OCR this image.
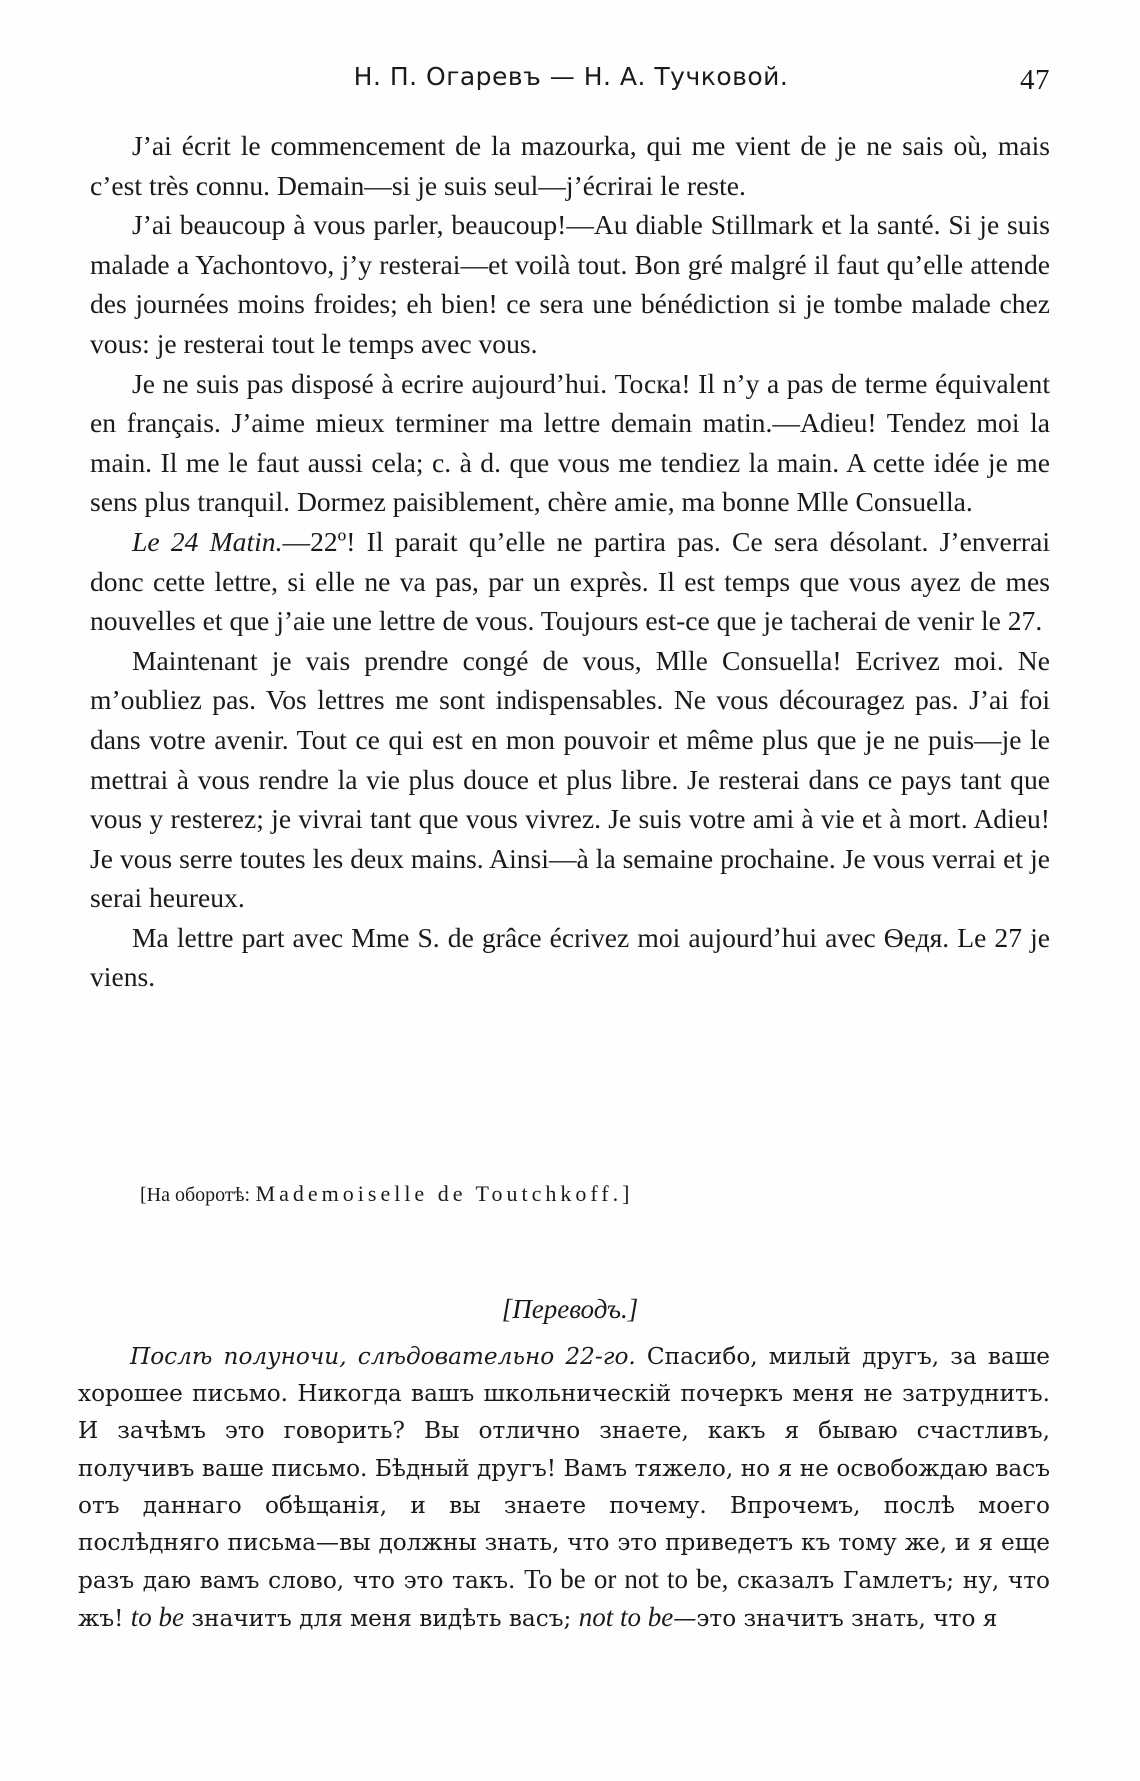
Н. П. Огаревъ — Н. А. Тучковой.	47

J’ai écrit le commencement de la mazourka, qui me vient de je ne sais où, mais c’est très connu. Demain—si je suis seul—j’écrirai le reste.

J’ai beaucoup à vous parler, beaucoup!—Au diable Stillmark et la santé. Si je suis malade a Yachontovo, j’y resterai—et voilà tout. Bon gré malgré il faut qu’elle attende des journées moins froides; eh bien! ce sera une bénédiction si je tombe malade chez vous: je resterai tout le temps avec vous.

Je ne suis pas disposé à ecrire aujourd’hui. Тоска! Il n’y a pas de terme équivalent en français. J’aime mieux terminer ma lettre demain matin.—Adieu! Tendez moi la main. Il me le faut aussi cela; c. à d. que vous me tendiez la main. A cette idée je me sens plus tranquil. Dormez paisiblement, chère amie, ma bonne Mlle Consuella.

Le 24 Matin.—22º! Il parait qu’elle ne partira pas. Ce sera désolant. J’enverrai donc cette lettre, si elle ne va pas, par un exprès. Il est temps que vous ayez de mes nouvelles et que j’aie une lettre de vous. Toujours est-ce que je tacherai de venir le 27.

Maintenant je vais prendre congé de vous, Mlle Consuella! Ecrivez moi. Ne m’oubliez pas. Vos lettres me sont indispensables. Ne vous découragez pas. J’ai foi dans votre avenir. Tout ce qui est en mon pouvoir et même plus que je ne puis—je le mettrai à vous rendre la vie plus douce et plus libre. Je resterai dans ce pays tant que vous y resterez; je vivrai tant que vous vivrez. Je suis votre ami à vie et à mort. Adieu! Je vous serre toutes les deux mains. Ainsi—à la semaine prochaine. Je vous verrai et je serai heureux.

Ma lettre part avec Mme S. de grâce écrivez moi aujourd’hui avec Ѳедя. Le 27 je viens.

[На оборотѣ: Mademoiselle de Toutchkoff.]
[Переводъ.]

Послѣ полуночи, слѣдовательно 22-го. Спасибо, милый другъ, за ваше хорошее письмо. Никогда вашъ школьническій почеркъ меня не затруднитъ. И зачѣмъ это говорить? Вы отлично знаете, какъ я бываю счастливъ, получивъ ваше письмо. Бѣдный другъ! Вамъ тяжело, но я не освобождаю васъ отъ даннаго обѣщанія, и вы знаете почему. Впрочемъ, послѣ моего послѣдняго письма—вы должны знать, что это приведетъ къ тому же, и я еще разъ даю вамъ слово, что это такъ. To be or not to be, сказалъ Гамлетъ; ну, что жъ! to be значитъ для меня видѣть васъ; not to be—это значитъ знать, что я
